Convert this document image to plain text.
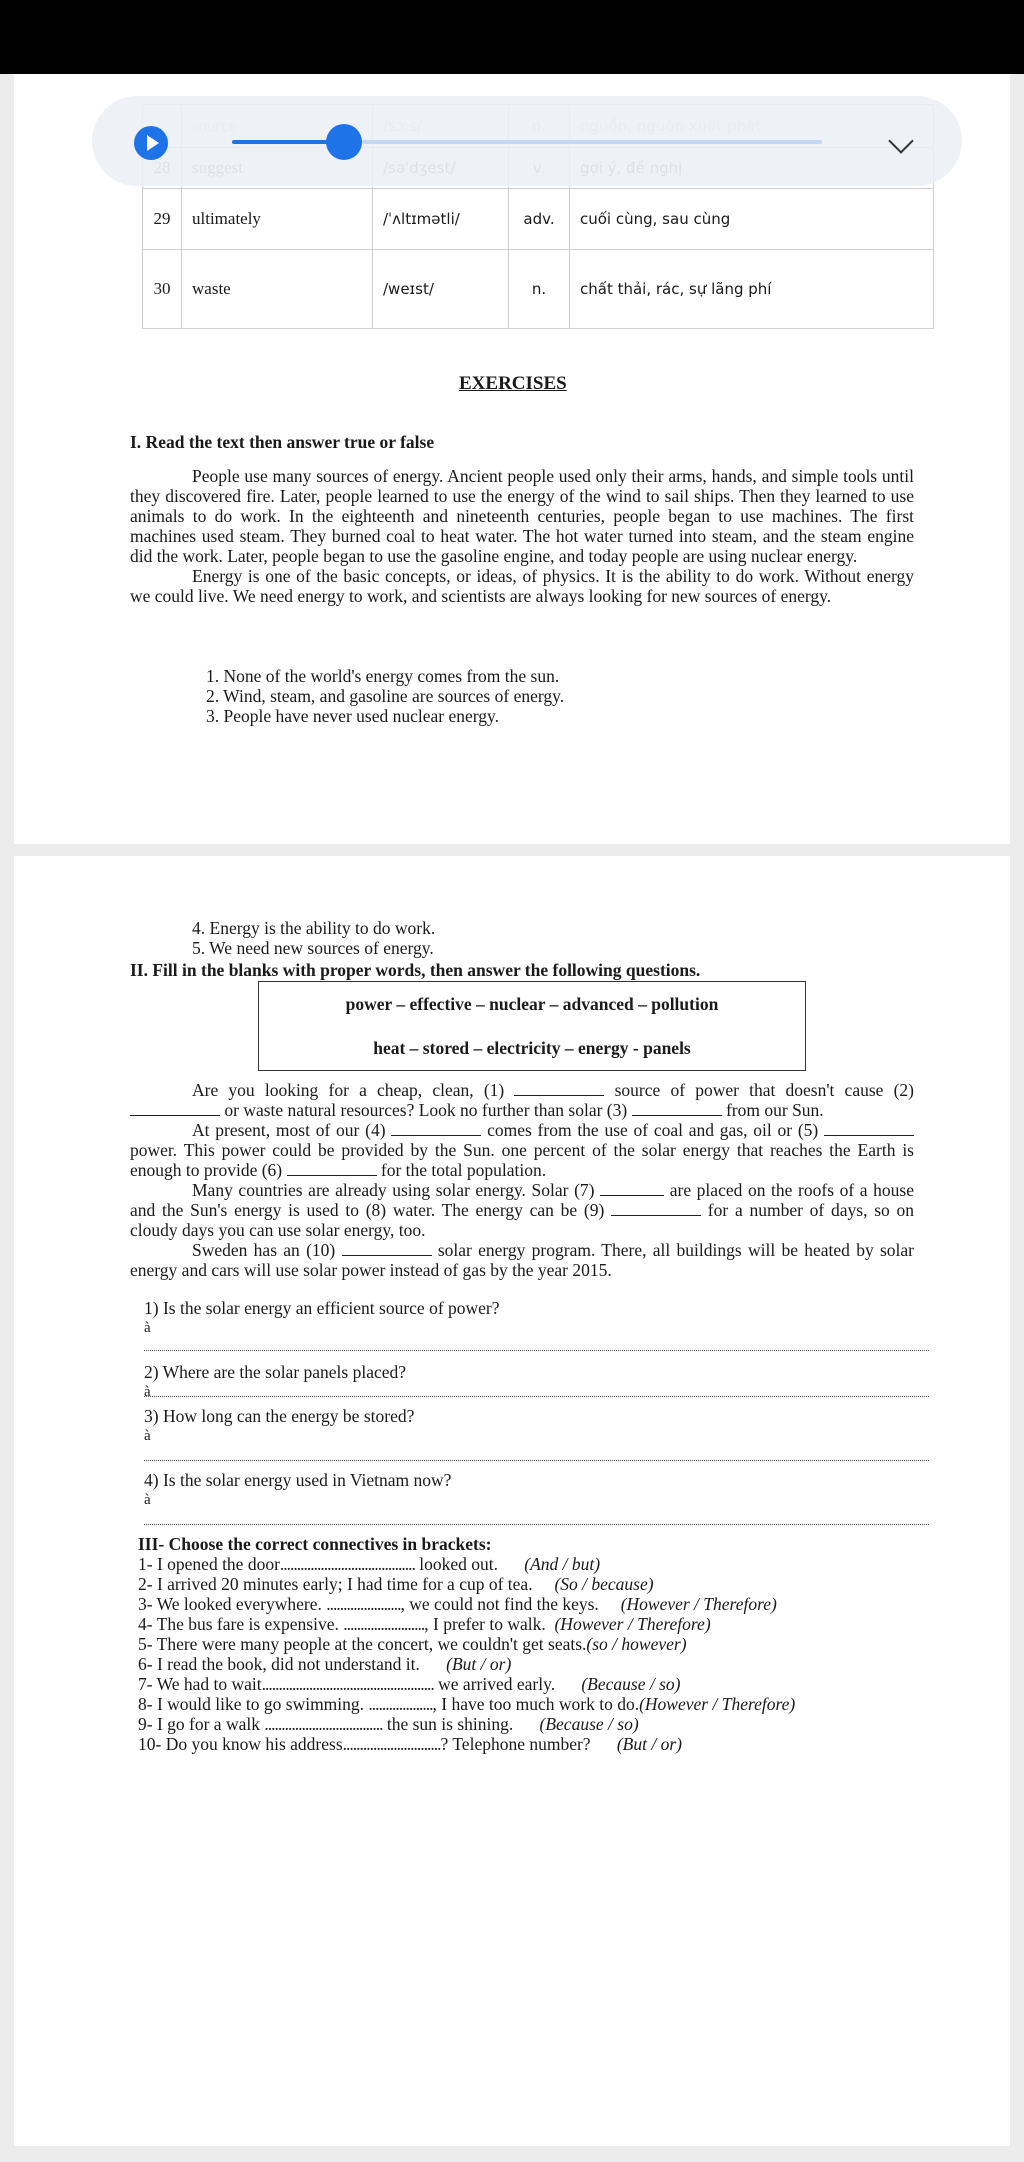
29	ultimately	/ˈʌltɪmətli/	adv.	cuối cùng, sau cùng
30	waste	/weɪst/	n.	chất thải, rác, sự lãng phí
EXERCISES
I. Read the text then answer true or false

People use many sources of energy. Ancient people used only their arms, hands, and simple tools until they discovered fire. Later, people learned to use the energy of the wind to sail ships. Then they learned to use animals to do work. In the eighteenth and nineteenth centuries, people began to use machines. The first machines used steam. They burned coal to heat water. The hot water turned into steam, and the steam engine did the work. Later, people began to use the gasoline engine, and today people are using nuclear energy.

Energy is one of the basic concepts, or ideas, of physics. It is the ability to do work. Without energy we could live. We need energy to work, and scientists are always looking for new sources of energy.

1. None of the world's energy comes from the sun.
2. Wind, steam, and gasoline are sources of energy.
3. People have never used nuclear energy.
4. Energy is the ability to do work.
5. We need new sources of energy.
II. Fill in the blanks with proper words, then answer the following questions.
power – effective – nuclear – advanced – pollution
heat – stored – electricity – energy - panels

Are you looking for a cheap, clean, (1)	source of power that doesn't cause (2)  or waste natural resources? Look no further than solar (3)	from our Sun.

At present, most of our (4)	comes from the use of coal and gas, oil or (5)  power. This power could be provided by the Sun. one percent of the solar energy that reaches the Earth is enough to provide (6)	for the total population.

Many countries are already using solar energy. Solar (7)	are placed on the roofs of a house and the Sun's energy is used to (8) water. The energy can be (9)	for a number of days, so on cloudy days you can use solar energy, too.

Sweden has an (10)	solar energy program. There, all buildings will be heated by solar energy and cars will use solar power instead of gas by the year 2015.

1) Is the solar energy an efficient source of power?
à
2) Where are the solar panels placed?
à
3) How long can the energy be stored?
à
4) Is the solar energy used in Vietnam now?
à
III- Choose the correct connectives in brackets:
1- I opened the door........................................ looked out. (And / but)
2- I arrived 20 minutes early; I had time for a cup of tea. (So / because)
3- We looked everywhere. ......................, we could not find the keys. (However / Therefore)
4- The bus fare is expensive. ........................, I prefer to walk. (However / Therefore)
5- There were many people at the concert, we couldn't get seats.(so / however)
6- I read the book, did not understand it. (But / or)
7- We had to wait................................................... we arrived early. (Because / so)
8- I would like to go swimming. ..................., I have too much work to do.(However / Therefore)
9- I go for a walk ................................... the sun is shining. (Because / so)
10- Do you know his address.............................? Telephone number? (But / or)
